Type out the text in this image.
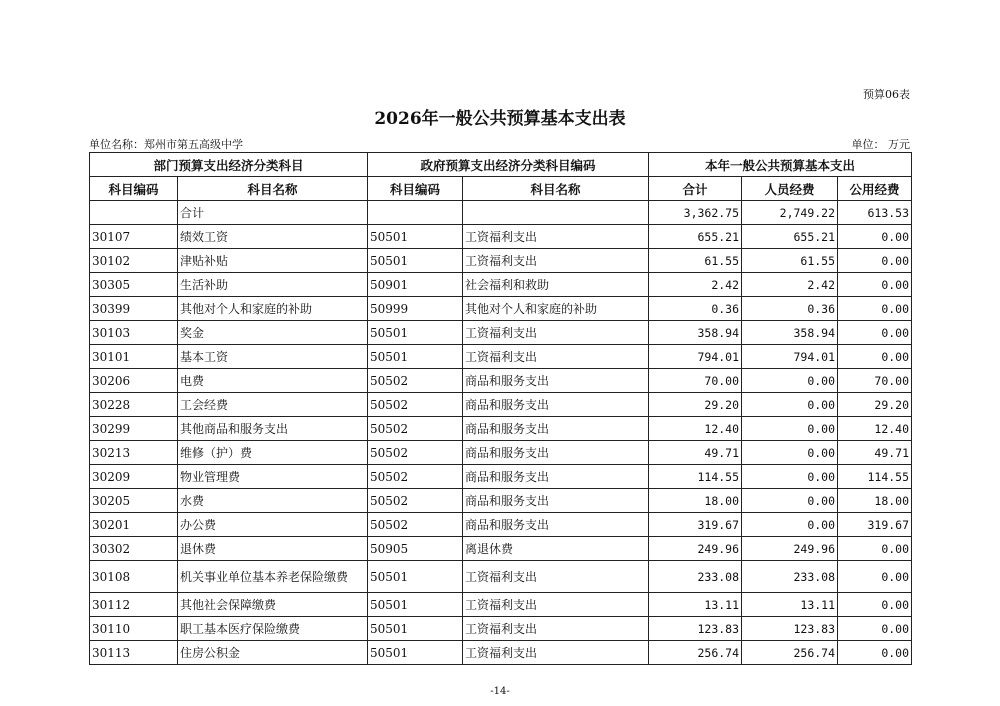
预算06表
2026年一般公共预算基本支出表
单位名称：郑州市第五高级中学	单位： 万元
部门预算支出经济分类科目		政府预算支出经济分类科目编码		本年一般公共预算基本支出		
科目编码	科目名称	科目编码	科目名称	合计	人员经费	公用经费
	合计			3,362.75	2,749.22	613.53
30107	绩效工资	50501	工资福利支出	655.21	655.21	0.00
30102	津贴补贴	50501	工资福利支出	61.55	61.55	0.00
30305	生活补助	50901	社会福利和救助	2.42	2.42	0.00
30399	其他对个人和家庭的补助	50999	其他对个人和家庭的补助	0.36	0.36	0.00
30103	奖金	50501	工资福利支出	358.94	358.94	0.00
30101	基本工资	50501	工资福利支出	794.01	794.01	0.00
30206	电费	50502	商品和服务支出	70.00	0.00	70.00
30228	工会经费	50502	商品和服务支出	29.20	0.00	29.20
30299	其他商品和服务支出	50502	商品和服务支出	12.40	0.00	12.40
30213	维修（护）费	50502	商品和服务支出	49.71	0.00	49.71
30209	物业管理费	50502	商品和服务支出	114.55	0.00	114.55
30205	水费	50502	商品和服务支出	18.00	0.00	18.00
30201	办公费	50502	商品和服务支出	319.67	0.00	319.67
30302	退休费	50905	离退休费	249.96	249.96	0.00
30108	机关事业单位基本养老保险缴费	50501	工资福利支出	233.08	233.08	0.00
30112	其他社会保障缴费	50501	工资福利支出	13.11	13.11	0.00
30110	职工基本医疗保险缴费	50501	工资福利支出	123.83	123.83	0.00
30113	住房公积金	50501	工资福利支出	256.74	256.74	0.00
-14-
